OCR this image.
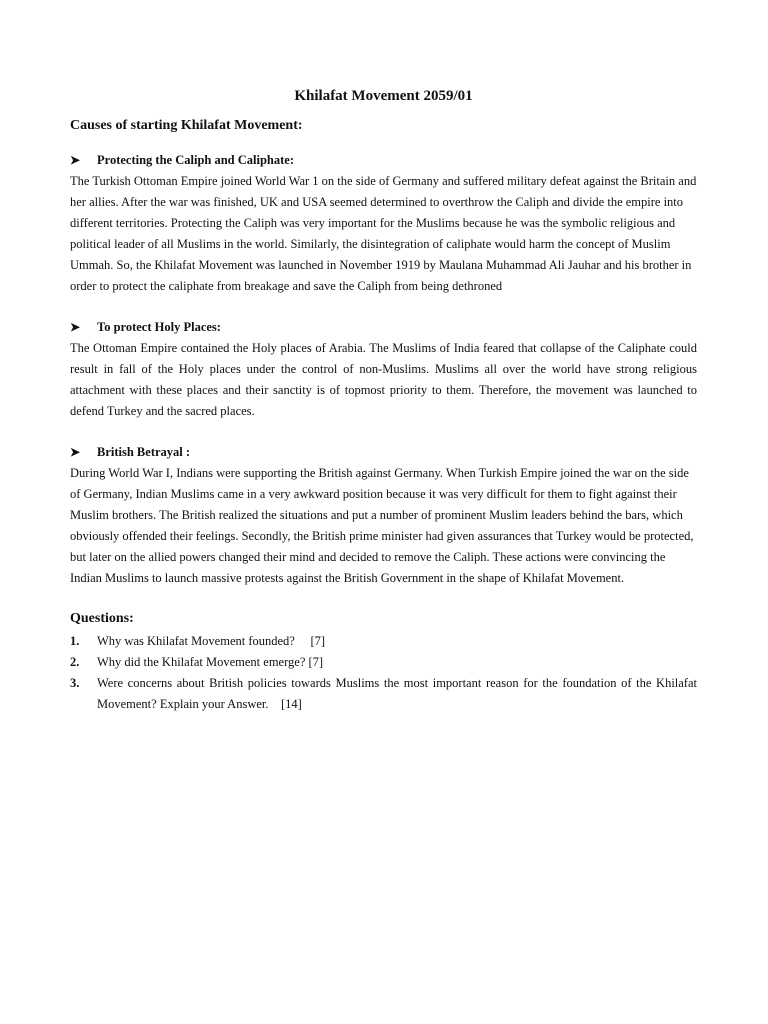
Khilafat Movement 2059/01
Causes of starting Khilafat Movement:
➤	Protecting the Caliph and Caliphate:

The Turkish Ottoman Empire joined World War 1 on the side of Germany and suffered military defeat against the Britain and her allies. After the war was finished, UK and USA seemed determined to overthrow the Caliph and divide the empire into different territories. Protecting the Caliph was very important for the Muslims because he was the symbolic religious and political leader of all Muslims in the world. Similarly, the disintegration of caliphate would harm the concept of Muslim Ummah. So, the Khilafat Movement was launched in November 1919 by Maulana Muhammad Ali Jauhar and his brother in order to protect the caliphate from breakage and save the Caliph from being dethroned

➤	To protect Holy Places:

The Ottoman Empire contained the Holy places of Arabia. The Muslims of India feared that collapse of the Caliphate could result in fall of the Holy places under the control of non-Muslims. Muslims all over the world have strong religious attachment with these places and their sanctity is of topmost priority to them. Therefore, the movement was launched to defend Turkey and the sacred places.

➤	British Betrayal :

During World War I, Indians were supporting the British against Germany. When Turkish Empire joined the war on the side of Germany, Indian Muslims came in a very awkward position because it was very difficult for them to fight against their Muslim brothers. The British realized the situations and put a number of prominent Muslim leaders behind the bars, which obviously offended their feelings. Secondly, the British prime minister had given assurances that Turkey would be protected, but later on the allied powers changed their mind and decided to remove the Caliph. These actions were convincing the Indian Muslims to launch massive protests against the British Government in the shape of Khilafat Movement.

Questions:
1.	Why was Khilafat Movement founded?     [7]
2.	Why did the Khilafat Movement emerge? [7]
3.	Were concerns about British policies towards Muslims the most important reason for the foundation of the Khilafat Movement? Explain your Answer.    [14]
